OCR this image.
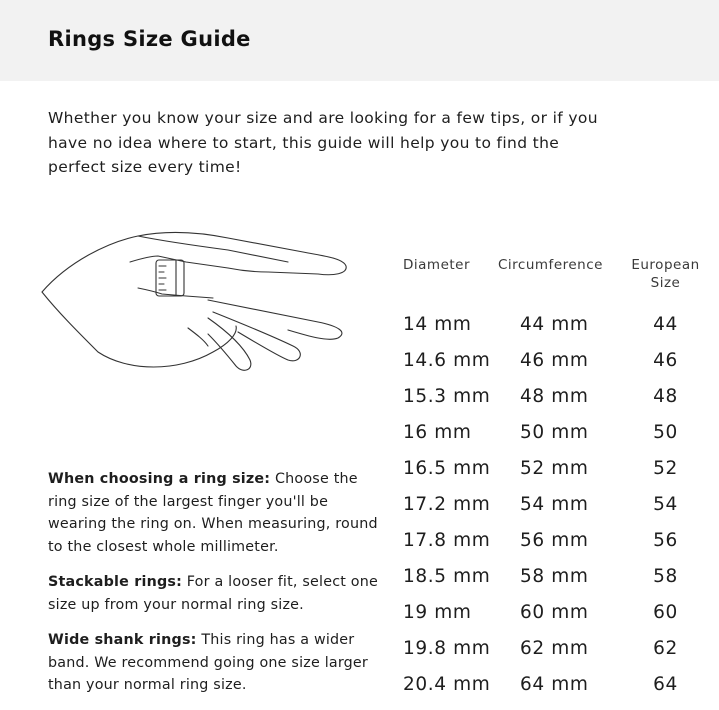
Rings Size Guide

Whether you know your size and are looking for a few tips, or if you have no idea where to start, this guide will help you to find the perfect size every time!

When choosing a ring size: Choose the ring size of the largest finger you'll be wearing the ring on. When measuring, round to the closest whole millimeter.

Stackable rings: For a looser fit, select one size up from your normal ring size.

Wide shank rings: This ring has a wider band. We recommend going one size larger than your normal ring size.

Diameter Circumference European Size
14 mm	44 mm	44
14.6 mm 46 mm	46
15.3 mm 48 mm	48
16 mm	50 mm	50
16.5 mm 52 mm	52
17.2 mm 54 mm	54
17.8 mm 56 mm	56
18.5 mm 58 mm	58
19 mm	60 mm	60
19.8 mm 62 mm	62
20.4 mm 64 mm	64
